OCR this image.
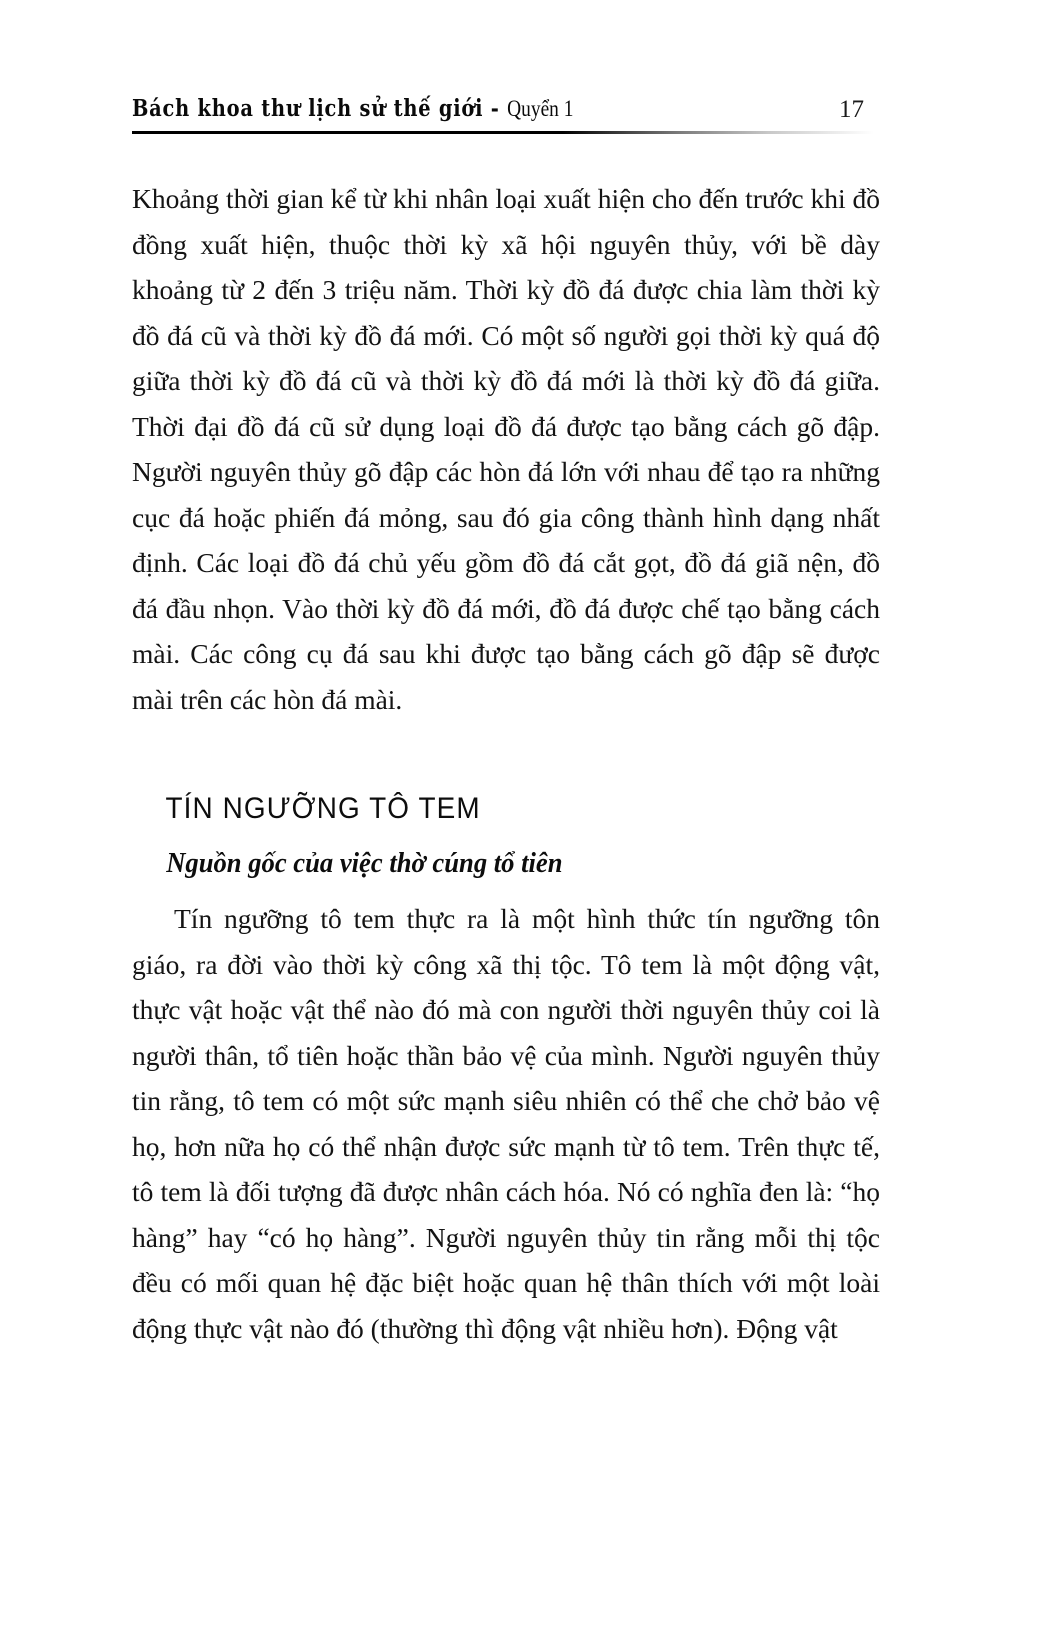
Bách khoa thư lịch sử thế giới - Quyển 1	17

Khoảng thời gian kể từ khi nhân loại xuất hiện cho đến trước khi đồ đồng xuất hiện, thuộc thời kỳ xã hội nguyên thủy, với bề dày khoảng từ 2 đến 3 triệu năm. Thời kỳ đồ đá được chia làm thời kỳ đồ đá cũ và thời kỳ đồ đá mới. Có một số người gọi thời kỳ quá độ giữa thời kỳ đồ đá cũ và thời kỳ đồ đá mới là thời kỳ đồ đá giữa. Thời đại đồ đá cũ sử dụng loại đồ đá được tạo bằng cách gõ đập. Người nguyên thủy gõ đập các hòn đá lớn với nhau để tạo ra những cục đá hoặc phiến đá mỏng, sau đó gia công thành hình dạng nhất định. Các loại đồ đá chủ yếu gồm đồ đá cắt gọt, đồ đá giã nện, đồ đá đầu nhọn. Vào thời kỳ đồ đá mới, đồ đá được chế tạo bằng cách mài. Các công cụ đá sau khi được tạo bằng cách gõ đập sẽ được mài trên các hòn đá mài.

TÍN NGƯỠNG TÔ TEM
Nguồn gốc của việc thờ cúng tổ tiên

Tín ngưỡng tô tem thực ra là một hình thức tín ngưỡng tôn giáo, ra đời vào thời kỳ công xã thị tộc. Tô tem là một động vật, thực vật hoặc vật thể nào đó mà con người thời nguyên thủy coi là người thân, tổ tiên hoặc thần bảo vệ của mình. Người nguyên thủy tin rằng, tô tem có một sức mạnh siêu nhiên có thể che chở bảo vệ họ, hơn nữa họ có thể nhận được sức mạnh từ tô tem. Trên thực tế, tô tem là đối tượng đã được nhân cách hóa. Nó có nghĩa đen là: “họ hàng” hay “có họ hàng”. Người nguyên thủy tin rằng mỗi thị tộc đều có mối quan hệ đặc biệt hoặc quan hệ thân thích với một loài động thực vật nào đó (thường thì động vật nhiều hơn). Động vật
